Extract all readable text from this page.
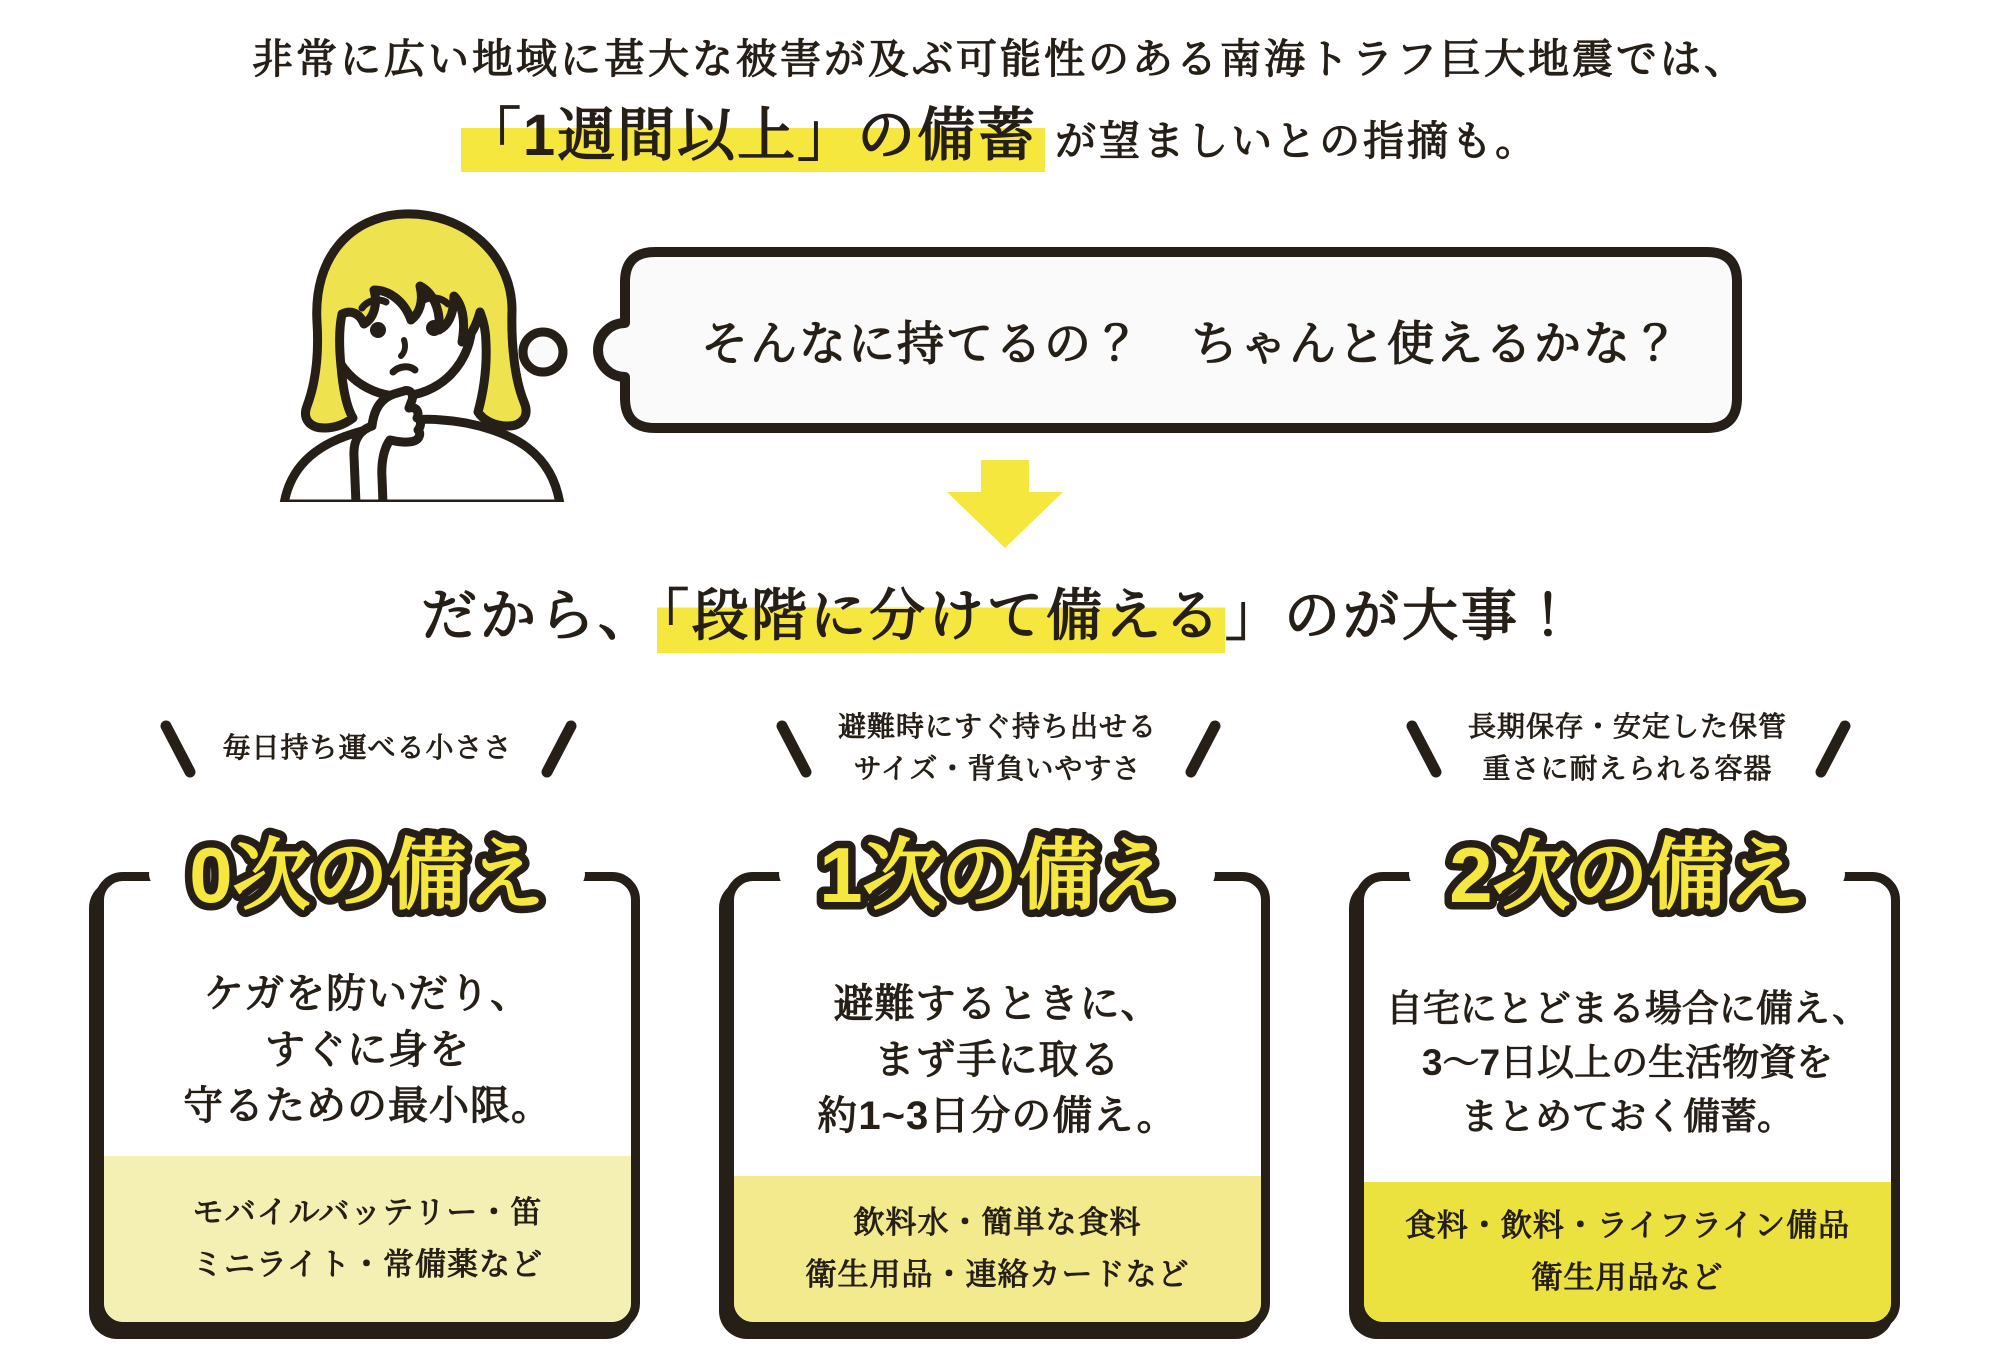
非常に広い地域に甚大な被害が及ぶ可能性のある南海トラフ巨大地震では、
「1週間以上」の備蓄 が望ましいとの指摘も。
そんなに持てるの？　ちゃんと使えるかな？
だから、「段階に分けて備える」のが大事！
毎日持ち運べる小ささ
避難時にすぐ持ち出せる
サイズ・背負いやすさ
長期保存・安定した保管
重さに耐えられる容器
0次の備え	1次の備え	2次の備え
ケガを防いだり、
すぐに身を
守るための最小限。
モバイルバッテリー・笛
ミニライト・常備薬など
避難するときに、
まず手に取る
約1~3日分の備え。
飲料水・簡単な食料
衛生用品・連絡カードなど
自宅にとどまる場合に備え、
3〜7日以上の生活物資を
まとめておく備蓄。
食料・飲料・ライフライン備品
衛生用品など
